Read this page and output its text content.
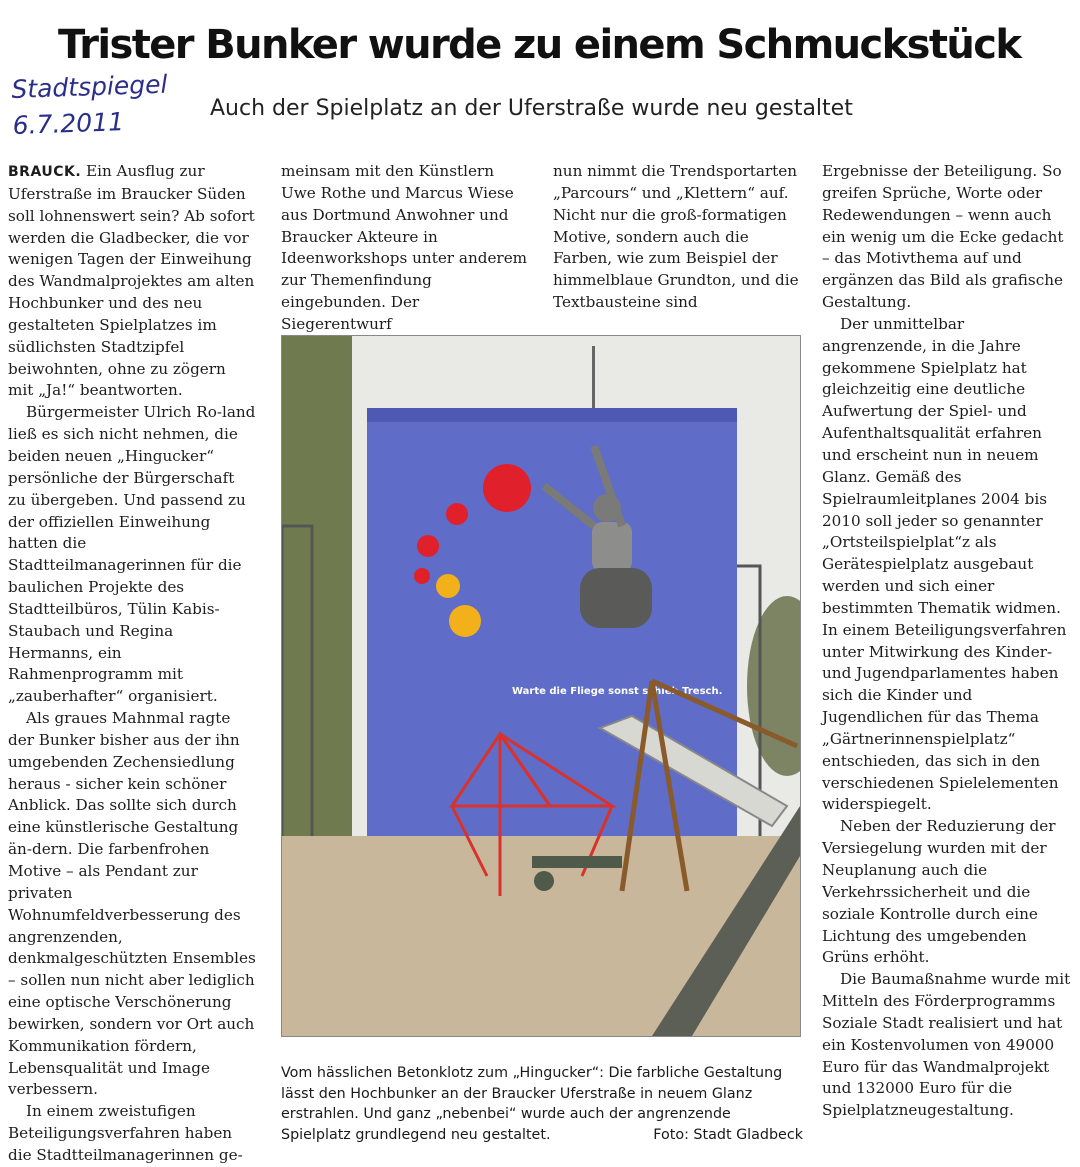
Trister Bunker wurde zu einem Schmuckstück
Stadtspiegel
6.7.2011	Auch der Spielplatz an der Uferstraße wurde neu gestaltet

BRAUCK. Ein Ausflug zur Uferstraße im Braucker Süden soll lohnenswert sein? Ab sofort werden die Gladbecker, die vor wenigen Tagen der Einweihung des Wandmalprojektes am alten Hochbunker und des neu gestalteten Spielplatzes im südlichsten Stadtzipfel beiwohnten, ohne zu zögern mit „Ja!“ beantworten.

Bürgermeister Ulrich Ro-land ließ es sich nicht nehmen, die beiden neuen „Hingucker“ persönliche der Bürgerschaft zu übergeben. Und passend zu der offiziellen Einweihung hatten die Stadtteilmanagerinnen für die baulichen Projekte des Stadtteilbüros, Tülin Kabis-Staubach und Regina Hermanns, ein Rahmenprogramm mit „zauberhafter“ organisiert.

Als graues Mahnmal ragte der Bunker bisher aus der ihn umgebenden Zechensiedlung heraus - sicher kein schöner Anblick. Das sollte sich durch eine künstlerische Gestaltung än-dern. Die farbenfrohen Motive – als Pendant zur privaten Wohnumfeldverbesserung des angrenzenden, denkmalgeschützten Ensembles – sollen nun nicht aber lediglich eine optische Verschönerung bewirken, sondern vor Ort auch Kommunikation fördern, Lebensqualität und Image verbessern.

In einem zweistufigen Beteiligungsverfahren haben die Stadtteilmanagerinnen ge-

meinsam mit den Künstlern Uwe Rothe und Marcus Wiese aus Dortmund Anwohner und Braucker Akteure in Ideenworkshops unter anderem zur Themenfindung eingebunden. Der Siegerentwurf

nun nimmt die Trendsportarten „Parcours“ und „Klettern“ auf. Nicht nur die groß-formatigen Motive, sondern auch die Farben, wie zum Beispiel der himmelblaue Grundton, und die Textbausteine sind

Ergebnisse der Beteiligung. So greifen Sprüche, Worte oder Redewendungen – wenn auch ein wenig um die Ecke gedacht – das Motivthema auf und ergänzen das Bild als grafische Gestaltung.

Der unmittelbar angrenzende, in die Jahre gekommene Spielplatz hat gleichzeitig eine deutliche Aufwertung der Spiel- und Aufenthaltsqualität erfahren und erscheint nun in neuem Glanz. Gemäß des Spielraumleitplanes 2004 bis 2010 soll jeder so genannter „Ortsteilspielplat“z als Gerätespielplatz ausgebaut werden und sich einer bestimmten Thematik widmen. In einem Beteiligungsverfahren unter Mitwirkung des Kinder- und Jugendparlamentes haben sich die Kinder und Jugendlichen für das Thema „Gärtnerinnenspielplatz“ entschieden, das sich in den verschiedenen Spielelementen widerspiegelt.

Neben der Reduzierung der Versiegelung wurden mit der Neuplanung auch die Verkehrssicherheit und die soziale Kontrolle durch eine Lichtung des umgebenden Grüns erhöht.

Die Baumaßnahme wurde mit Mitteln des Förderprogramms Soziale Stadt realisiert und hat ein Kostenvolumen von 49000 Euro für das Wandmalprojekt und 132000 Euro für die Spielplatzneugestaltung.

Warte die Fliege sonst schieb Tresch.
Vom hässlichen Betonklotz zum „Hingucker“: Die farbliche Gestaltung lässt den Hochbunker an der Braucker Uferstraße in neuem Glanz erstrahlen. Und ganz „nebenbei“ wurde auch der angrenzende Spielplatz grundlegend neu gestaltet.	Foto: Stadt Gladbeck
